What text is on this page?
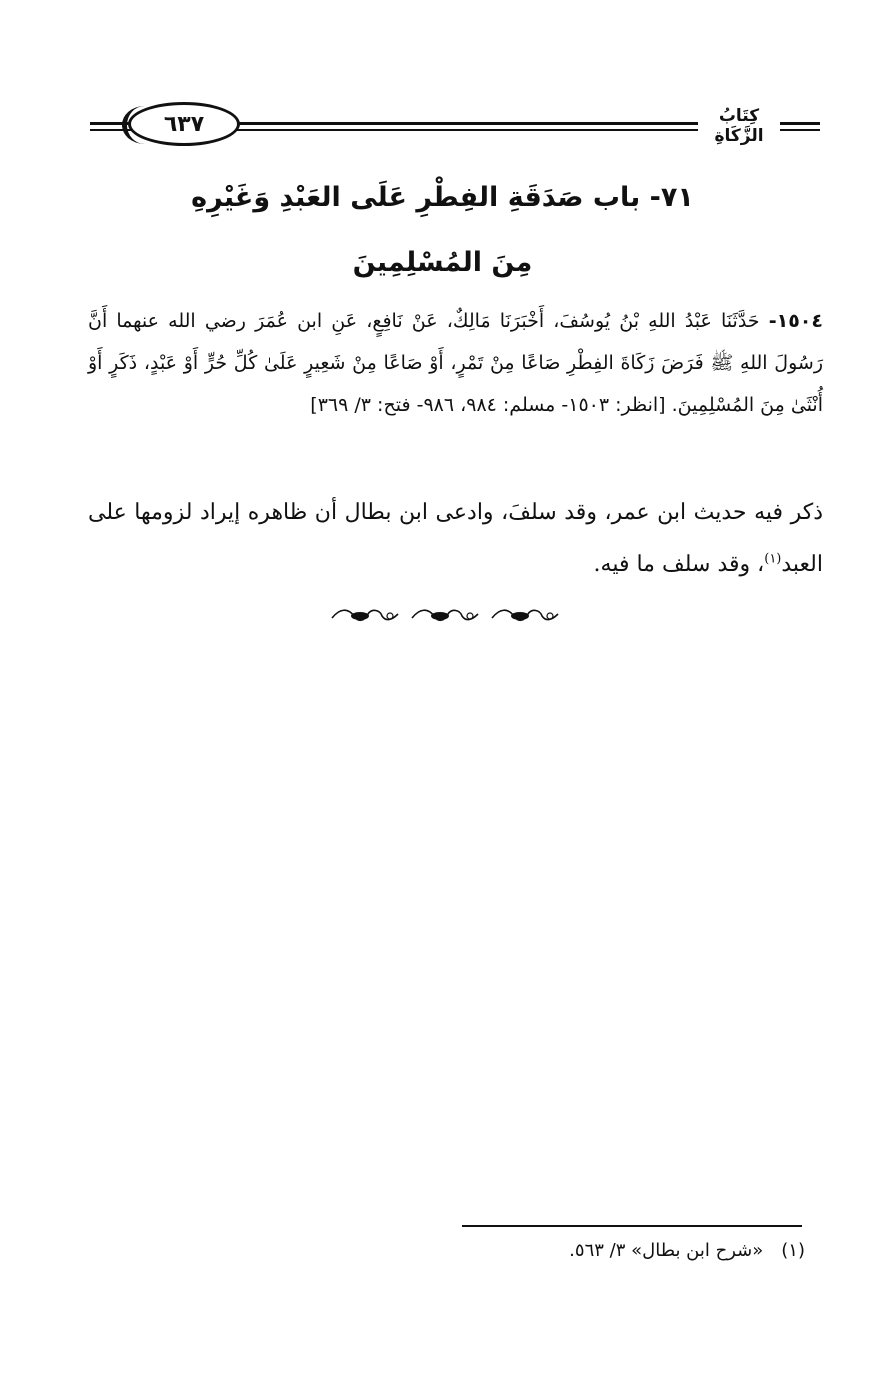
٦٣٧	كِتَابُ الزَّكَاةِ
٧١- باب صَدَقَةِ الفِطْرِ عَلَى العَبْدِ وَغَيْرِهِ
مِنَ المُسْلِمِينَ
١٥٠٤- حَدَّثَنَا عَبْدُ اللهِ بْنُ يُوسُفَ، أَخْبَرَنَا مَالِكٌ، عَنْ نَافِعٍ، عَنِ ابن عُمَرَ رضي الله عنهما أَنَّ رَسُولَ اللهِ ﷺ فَرَضَ زَكَاةَ الفِطْرِ صَاعًا مِنْ تَمْرٍ، أَوْ صَاعًا مِنْ شَعِيرٍ عَلَىٰ كُلِّ حُرٍّ أَوْ عَبْدٍ، ذَكَرٍ أَوْ أُنْثَىٰ مِنَ المُسْلِمِينَ. [انظر: ١٥٠٣- مسلم: ٩٨٤، ٩٨٦- فتح: ٣/ ٣٦٩]
ذكر فيه حديث ابن عمر، وقد سلفَ، وادعى ابن بطال أن ظاهره إيراد لزومها على العبد$^{(١)}$، وقد سلف ما فيه.
(١)«شرح ابن بطال» ٣/ ٥٦٣.
